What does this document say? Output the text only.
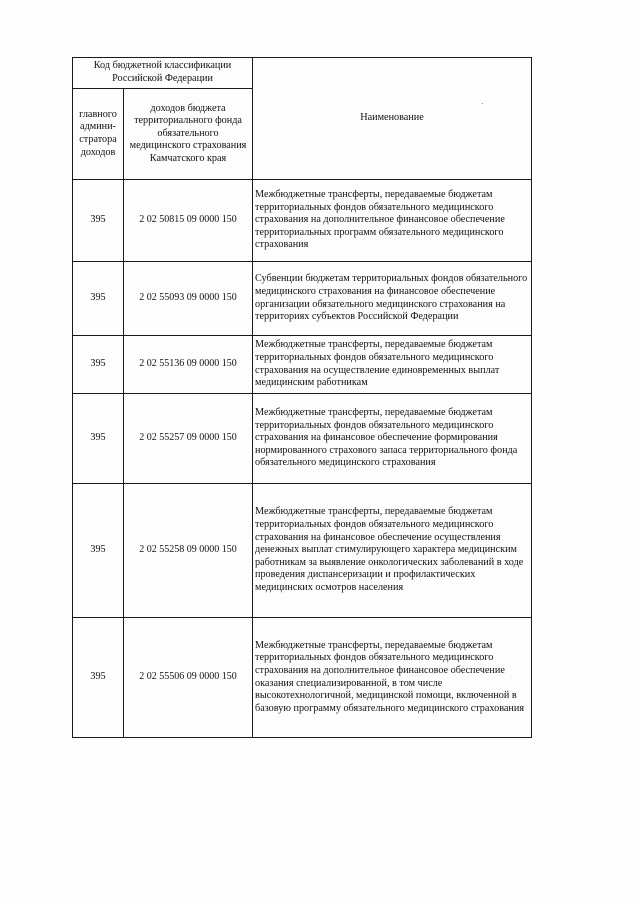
Код бюджетной классификации Российской Федерации		Наименование
главного админи-стратора доходов	доходов бюджета территориального фонда обязательного медицинского страхования Камчатского края	
395	2 02 50815 09 0000 150	Межбюджетные трансферты, передаваемые бюджетам территориальных фондов обязательного медицинского страхования на дополнительное финансовое обеспечение территориальных программ обязательного медицинского страхования
395	2 02 55093 09 0000 150	Субвенции бюджетам территориальных фондов обязательного медицинского страхования на финансовое обеспечение организации обязательного медицинского страхования на территориях субъектов Российской Федерации
395	2 02 55136 09 0000 150	Межбюджетные трансферты, передаваемые бюджетам территориальных фондов обязательного медицинского страхования на осуществление единовременных выплат медицинским работникам
395	2 02 55257 09 0000 150	Межбюджетные трансферты, передаваемые бюджетам территориальных фондов обязательного медицинского страхования на финансовое обеспечение формирования нормированного страхового запаса территориального фонда обязательного медицинского страхования
395	2 02 55258 09 0000 150	Межбюджетные трансферты, передаваемые бюджетам территориальных фондов обязательного медицинского страхования на финансовое обеспечение осуществления денежных выплат стимулирующего характера медицинским работникам за выявление онкологических заболеваний в ходе проведения диспансеризации и профилактических медицинских осмотров населения
395	2 02 55506 09 0000 150	Межбюджетные трансферты, передаваемые бюджетам территориальных фондов обязательного медицинского страхования на дополнительное финансовое обеспечение оказания специализированной, в том числе высокотехнологичной, медицинской помощи, включенной в базовую программу обязательного медицинского страхования
